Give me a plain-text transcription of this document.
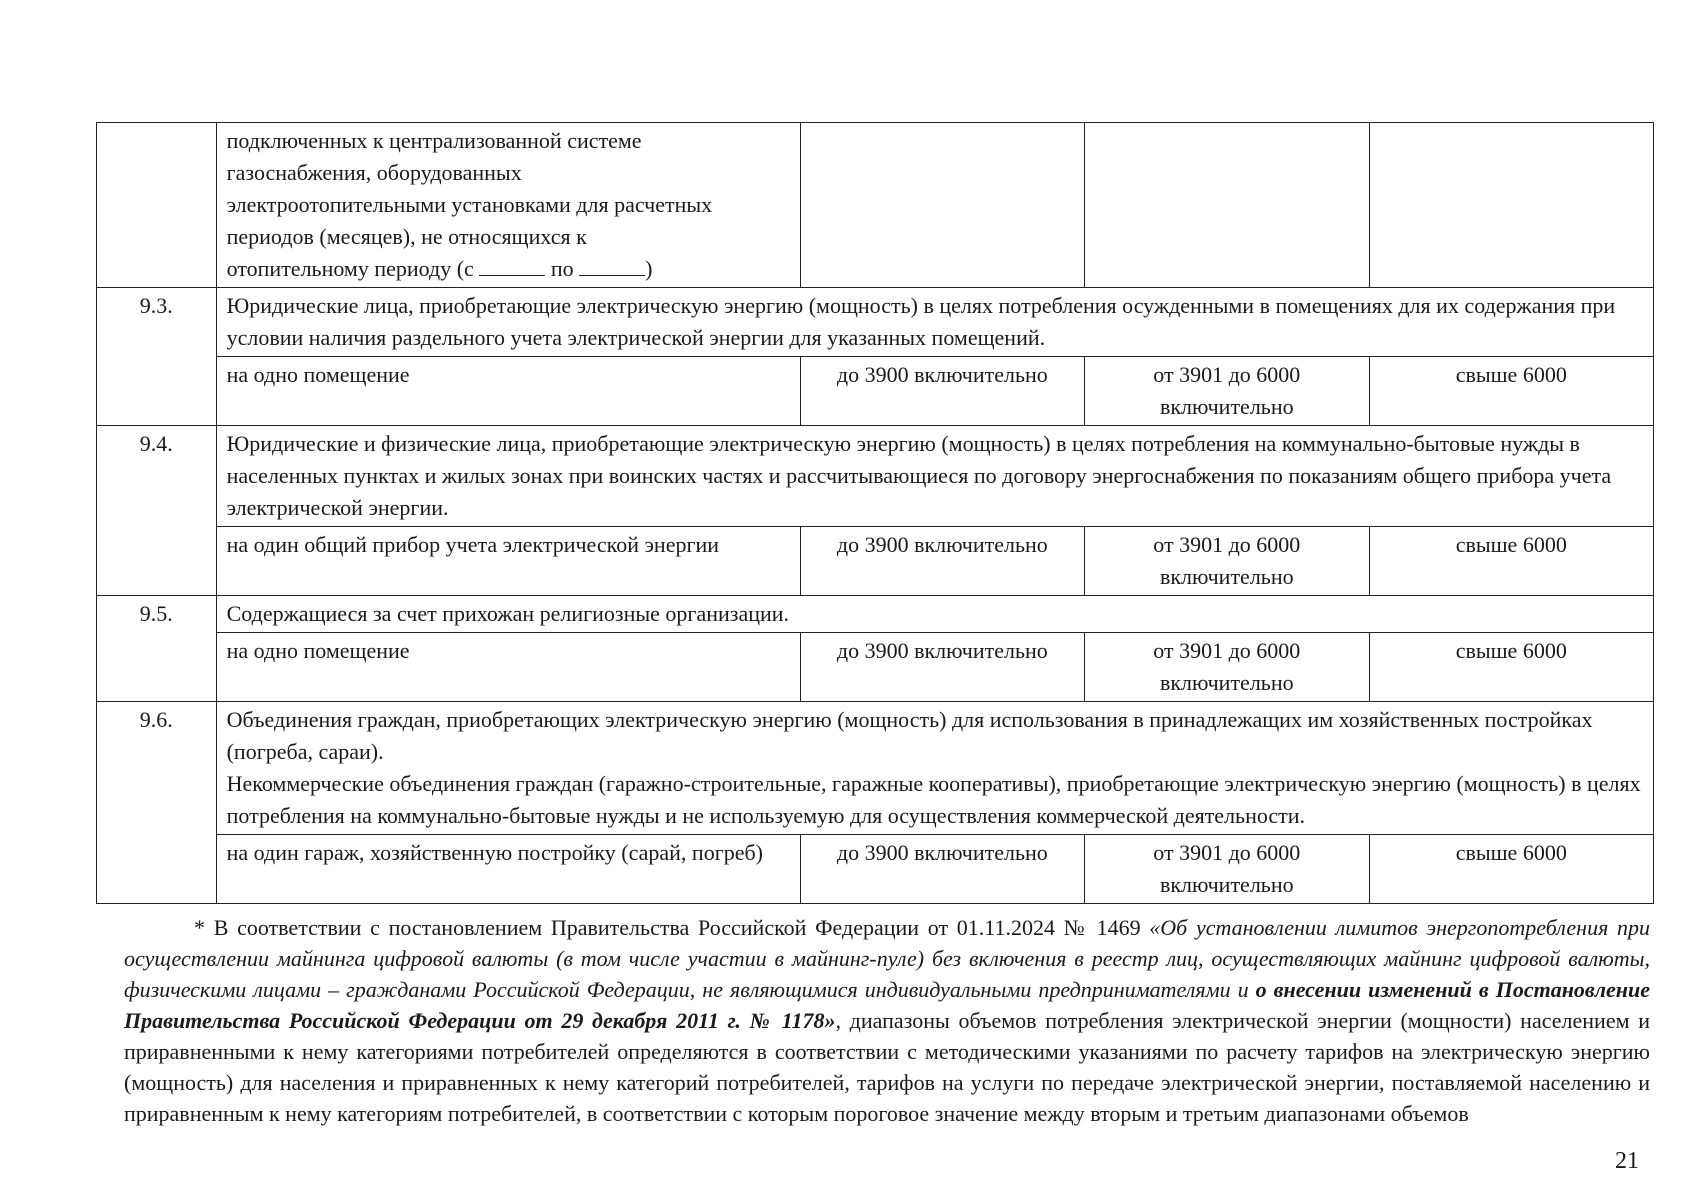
	подключенных к централизованной системе
газоснабжения, оборудованных
электроотопительными установками для расчетных
периодов (месяцев), не относящихся к
отопительному периоду (с по )			

9.3.	Юридические лица, приобретающие электрическую энергию (мощность) в целях потребления осужденными в помещениях для их содержания при условии наличия раздельного учета электрической энергии для указанных помещений.			
	на одно помещение	до 3900 включительно	от 3901 до 6000 включительно	свыше 6000
9.4.	Юридические и физические лица, приобретающие электрическую энергию (мощность) в целях потребления на коммунально-бытовые нужды в населенных пунктах и жилых зонах при воинских частях и рассчитывающиеся по договору энергоснабжения по показаниям общего прибора учета электрической энергии.			
	на один общий прибор учета электрической энергии	до 3900 включительно	от 3901 до 6000 включительно	свыше 6000
9.5.	Содержащиеся за счет прихожан религиозные организации.			
	на одно помещение	до 3900 включительно	от 3901 до 6000 включительно	свыше 6000
9.6.	Объединения граждан, приобретающих электрическую энергию (мощность) для использования в принадлежащих им хозяйственных постройках (погреба, сараи).
Некоммерческие объединения граждан (гаражно-строительные, гаражные кооперативы), приобретающие электрическую энергию (мощность) в целях потребления на коммунально-бытовые нужды и не используемую для осуществления коммерческой деятельности.			

	на один гараж, хозяйственную постройку (сарай, погреб)	до 3900 включительно	от 3901 до 6000 включительно	свыше 6000
* В соответствии с постановлением Правительства Российской Федерации от 01.11.2024 № 1469 «Об установлении лимитов энергопотребления при осуществлении майнинга цифровой валюты (в том числе участии в майнинг-пуле) без включения в реестр лиц, осуществляющих майнинг цифровой валюты, физическими лицами – гражданами Российской Федерации, не являющимися индивидуальными предпринимателями и о внесении изменений в Постановление Правительства Российской Федерации от 29 декабря 2011 г. № 1178», диапазоны объемов потребления электрической энергии (мощности) населением и приравненными к нему категориями потребителей определяются в соответствии с методическими указаниями по расчету тарифов на электрическую энергию (мощность) для населения и приравненных к нему категорий потребителей, тарифов на услуги по передаче электрической энергии, поставляемой населению и приравненным к нему категориям потребителей, в соответствии с которым пороговое значение между вторым и третьим диапазонами объемов
21
